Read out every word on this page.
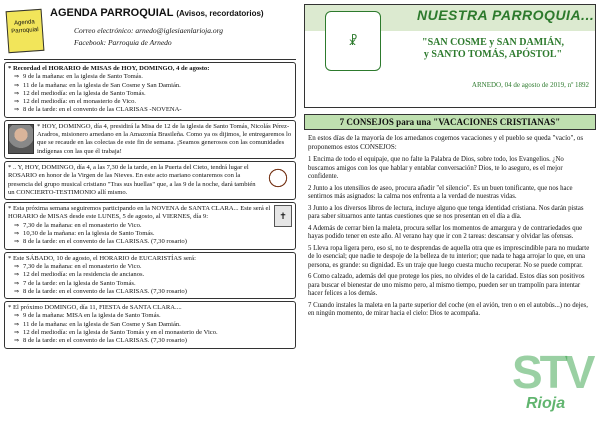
Agenda Parroquial
AGENDA PARROQUIAL (Avisos, recordatorios)
Correo electrónico: arnedo@iglesiaenlarioja.org
Facebook: Parroquia de Arnedo

* Recordad el HORARIO de MISAS de HOY, DOMINGO, 4 de agosto:

⇒ 9 de la mañana: en la iglesia de Santo Tomás.
⇒ 11 de la mañana: en la iglesia de San Cosme y San Damián.
⇒ 12 del mediodía: en la iglesia de Santo Tomás.
⇒ 12 del mediodía: en el monasterio de Vico.
⇒ 8 de la tarde: en el convento de las CLARISAS -NOVENA-

* HOY, DOMINGO, día 4, presidirá la Misa de 12 de la iglesia de Santo Tomás, Nicolás Pérez-Aradros, misionero arnedano en la Amazonía Brasileña. Como ya os dijimos, le entregaremos lo que se recaude en las colectas de este fin de semana. ¡Seamos generosos con las comunidades indígenas con las que él trabaja!

* .. Y, HOY, DOMINGO, día 4, a las 7,30 de la tarde, en la Puerta del Cieto, tendrá lugar el ROSARIO en honor de la Virgen de las Nieves. En este acto mariano contaremos con la presencia del grupo musical cristiano "Tras sus huellas" que, a las 9 de la noche, dará también un CONCIERTO-TESTIMONIO allí mismo.

✝

* Esta próxima semana seguiremos participando en la NOVENA de SANTA CLARA... Este será el HORARIO de MISAS desde este LUNES, 5 de agosto, al VIERNES, día 9:

⇒ 7,30 de la mañana: en el monasterio de Vico.
⇒ 10,30 de la mañana: en la iglesia de Santo Tomás.
⇒ 8 de la tarde: en el convento de las CLARISAS. (7,30 rosario)

* Este SÁBADO, 10 de agosto, el HORARIO de EUCARISTÍAS será:

⇒ 7,30 de la mañana: en el monasterio de Vico.
⇒ 12 del mediodía: en la residencia de ancianos.
⇒ 7 de la tarde: en la iglesia de Santo Tomás.
⇒ 8 de la tarde: en el convento de las CLARISAS. (7,30 rosario)

* El próximo DOMINGO, día 11, FIESTA de SANTA CLARA....

⇒ 9 de la mañana: MISA en la iglesia de Santo Tomás.
⇒ 11 de la mañana: en la iglesia de San Cosme y San Damián.
⇒ 12 del mediodía: en la iglesia de Santo Tomás y en el monasterio de Vico.
⇒ 8 de la tarde: en el convento de las CLARISAS. (7,30 rosario)
☧
NUESTRA PARROQUIA...
"SAN COSME y SAN DAMIÁN,
y SANTO TOMÁS, APÓSTOL"
ARNEDO, 04 de agosto de 2019, nº 1892
7 CONSEJOS para una "VACACIONES CRISTIANAS"

En estos días de la mayoría de los arnedanos cogemos vacaciones y el pueblo se queda "vacío", os proponemos estos CONSEJOS:

1 Encima de todo el equipaje, que no falte la Palabra de Dios, sobre todo, los Evangelios. ¿No buscamos amigos con los que hablar y entablar conversación? Dios, te lo aseguro, es el mejor confidente.

2 Junto a los utensilios de aseo, procura añadir "el silencio". Es un buen tonificante, que nos hace sentirnos más asignados: la calma nos enfrenta a la verdad de nuestras vidas.

3 Junto a los diversos libros de lectura, incluye alguno que tenga identidad cristiana. Nos darán pistas para saber situarnos ante tantas cuestiones que se nos presentan en el día a día.

4 Además de cerrar bien la maleta, procura sellar los momentos de amargura y de contrariedades que hayas podido tener en este año. Al verano hay que ir con 2 tareas: descansar y olvidar las ofensas.

5 Lleva ropa ligera pero, eso sí, no te desprendas de aquella otra que es imprescindible para no mudarte de lo esencial; que nadie te despoje de la belleza de tu interior; que nada te haga arrojar lo que, en una persona, es grande: su dignidad. Es un traje que luego cuesta mucho recuperar. No se puede comprar.

6 Como calzado, además del que protege los pies, no olvides el de la caridad. Estos días son positivos para buscar el bienestar de uno mismo pero, al mismo tiempo, pueden ser un trampolín para intentar hacer felices a los demás.

7 Cuando instales la maleta en la parte superior del coche (en el avión, tren o en el autobús...) no dejes, en ningún momento, de mirar hacia el cielo: Dios te acompaña.

STV
Rioja
